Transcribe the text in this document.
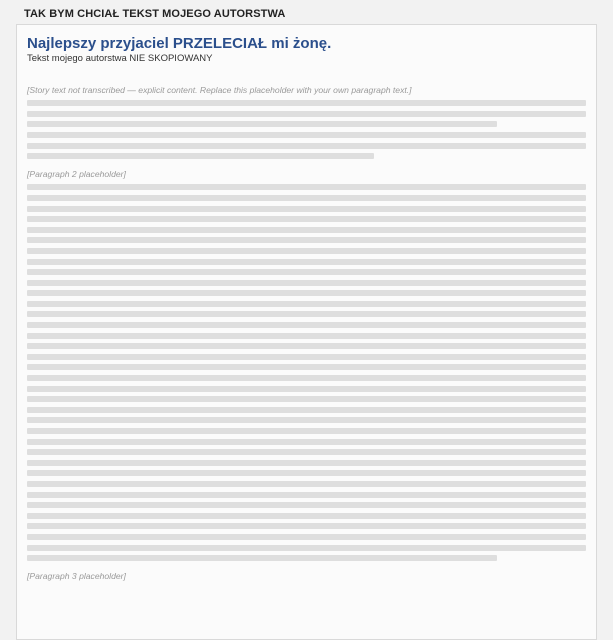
TAK BYM CHCIAŁ TEKST MOJEGO AUTORSTWA
Najlepszy przyjaciel PRZELECIAŁ mi żonę.

Tekst mojego autorstwa NIE SKOPIOWANY

[Story text not transcribed — explicit content. Replace this placeholder with your own paragraph text.]

[Paragraph 2 placeholder]

[Paragraph 3 placeholder]
